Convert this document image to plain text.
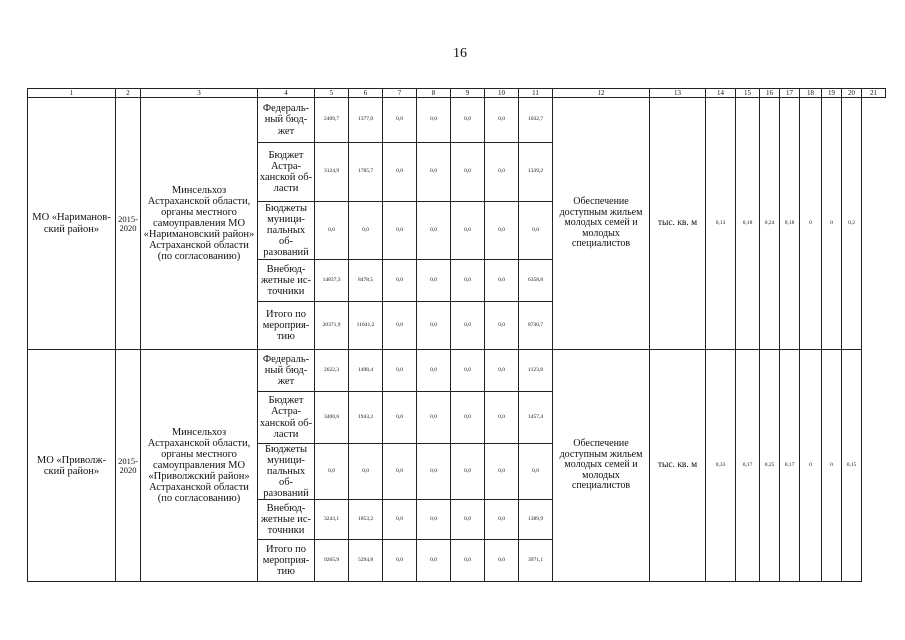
16
1	2	3	4	5	6	7	8	9	10	11	12	13	14	15	16	17	18	19	20	21
МО «Нариманов-ский район»	2015-2020	Минсельхоз Астраханской области, органы местного самоуправления МО «Наримановский район» Астраханской области (по согласованию)	Федераль-ный бюд-жет	2409,7	1377,0	0,0	0,0	0,0	0,0	1032,7	Обеспечение доступным жильем молодых семей и молодых специалистов	тыс. кв. м	0,13	0,18	0,24	0,18	0	0	0,2	
			Бюджет Астра-ханской об-ласти	3124,9	1785,7	0,0	0,0	0,0	0,0	1339,2										
			Бюджеты муници-пальных об-разований	0,0	0,0	0,0	0,0	0,0	0,0	0,0										
			Внебюд-жетные ис-точники	14837,3	8478,5	0,0	0,0	0,0	0,0	6358,8										
			Итого по мероприя-тию	20371,9	11641,2	0,0	0,0	0,0	0,0	8730,7										
МО «Приволж-ский район»	2015-2020	Минсельхоз Астраханской области, органы местного самоуправления МО «Приволжский район» Астраханской области (по согласованию)	Федераль-ный бюд-жет	2622,3	1498,4	0,0	0,0	0,0	0,0	1123,8	Обеспечение доступным жильем молодых семей и молодых специалистов	тыс. кв. м	0,33	0,17	0,25	0,17	0	0	0,15	
			Бюджет Астра-ханской об-ласти	3400,6	1943,2	0,0	0,0	0,0	0,0	1457,4										
			Бюджеты муници-пальных об-разований	0,0	0,0	0,0	0,0	0,0	0,0	0,0										
			Внебюд-жетные ис-точники	3243,1	1853,2	0,0	0,0	0,0	0,0	1389,9										
			Итого по мероприя-тию	9265,9	5294,8	0,0	0,0	0,0	0,0	3971,1										
